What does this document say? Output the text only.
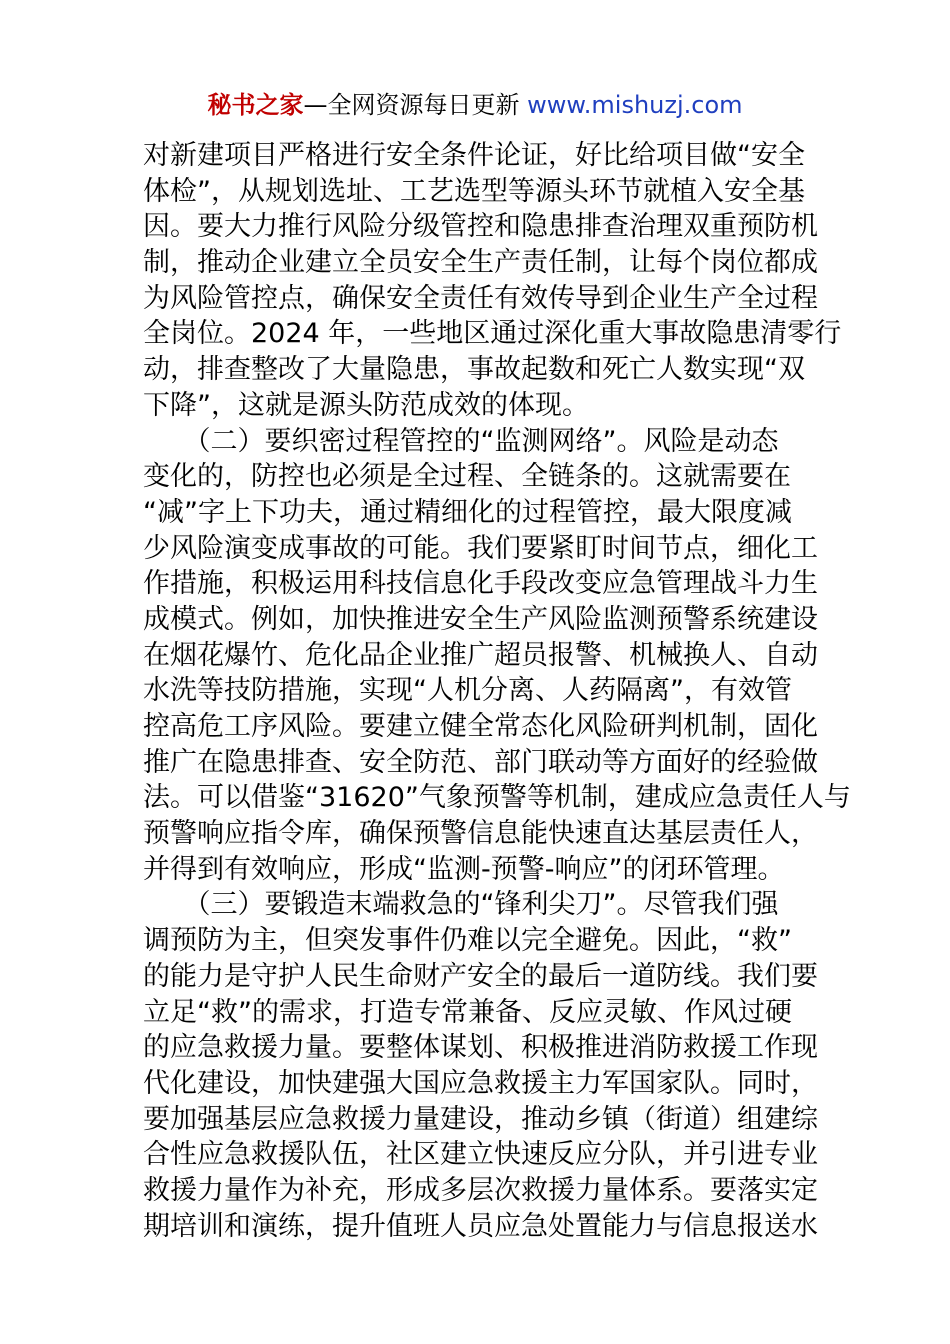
秘书之家—全网资源每日更新 www.mishuzj.com
对新建项目严格进行安全条件论证，好比给项目做“安全
体检”，从规划选址、工艺选型等源头环节就植入安全基
因。要大力推行风险分级管控和隐患排查治理双重预防机
制，推动企业建立全员安全生产责任制，让每个岗位都成
为风险管控点，确保安全责任有效传导到企业生产全过程
全岗位。2024 年，一些地区通过深化重大事故隐患清零行
动，排查整改了大量隐患，事故起数和死亡人数实现“双
下降”，这就是源头防范成效的体现。
　　（二）要织密过程管控的“监测网络”。风险是动态
变化的，防控也必须是全过程、全链条的。这就需要在
“减”字上下功夫，通过精细化的过程管控，最大限度减
少风险演变成事故的可能。我们要紧盯时间节点，细化工
作措施，积极运用科技信息化手段改变应急管理战斗力生
成模式。例如，加快推进安全生产风险监测预警系统建设
在烟花爆竹、危化品企业推广超员报警、机械换人、自动
水洗等技防措施，实现“人机分离、人药隔离”，有效管
控高危工序风险。要建立健全常态化风险研判机制，固化
推广在隐患排查、安全防范、部门联动等方面好的经验做
法。可以借鉴“31620”气象预警等机制，建成应急责任人与
预警响应指令库，确保预警信息能快速直达基层责任人，
并得到有效响应，形成“监测-预警-响应”的闭环管理。
　　（三）要锻造末端救急的“锋利尖刀”。尽管我们强
调预防为主，但突发事件仍难以完全避免。因此，“救”
的能力是守护人民生命财产安全的最后一道防线。我们要
立足“救”的需求，打造专常兼备、反应灵敏、作风过硬
的应急救援力量。要整体谋划、积极推进消防救援工作现
代化建设，加快建强大国应急救援主力军国家队。同时，
要加强基层应急救援力量建设，推动乡镇（街道）组建综
合性应急救援队伍，社区建立快速反应分队，并引进专业
救援力量作为补充，形成多层次救援力量体系。要落实定
期培训和演练，提升值班人员应急处置能力与信息报送水
